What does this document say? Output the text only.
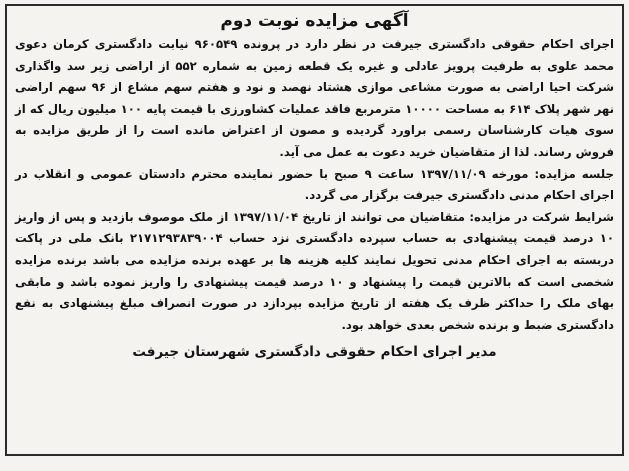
آگهی مزایده نوبت دوم

اجرای احکام حقوقی دادگستری جیرفت در نظر دارد در پرونده ۹۶۰۵۴۹ نیابت دادگستری کرمان دعوی محمد علوی به طرفیت پرویز عادلی و غیره یک قطعه زمین به شماره ۵۵۲ از اراضی زیر سد واگذاری شرکت احیا اراضی به صورت مشاعی موازی هشتاد نهصد و نود و هفتم سهم مشاع از ۹۶ سهم اراضی نهر شهر پلاک ۶۱۴ به مساحت ۱۰۰۰۰ مترمربع فاقد عملیات کشاورزی با قیمت پایه ۱۰۰ میلیون ریال که از سوی هیات کارشناسان رسمی براورد گردیده و مصون از اعتراض مانده است را از طریق مزایده به فروش رساند. لذا از متقاضیان خرید دعوت به عمل می آید.

جلسه مزایده: مورخه ۱۳۹۷/۱۱/۰۹ ساعت ۹ صبح با حضور نماینده محترم دادستان عمومی و انقلاب در اجرای احکام مدنی دادگستری جیرفت برگزار می گردد.

شرایط شرکت در مزایده: متقاضیان می توانند از تاریخ ۱۳۹۷/۱۱/۰۴ از ملک موصوف بازدید و پس از واریز ۱۰ درصد قیمت پیشنهادی به حساب سپرده دادگستری نزد حساب ۲۱۷۱۲۹۳۸۳۹۰۰۴ بانک ملی در پاکت دربسته به اجرای احکام مدنی تحویل نمایند کلیه هزینه ها بر عهده برنده مزایده می باشد برنده مزایده شخصی است که بالاترین قیمت را پیشنهاد و ۱۰ درصد قیمت پیشنهادی را واریز نموده باشد و مابقی بهای ملک را حداکثر ظرف یک هفته از تاریخ مزایده بپردازد در صورت انصراف مبلغ پیشنهادی به نفع دادگستری ضبط و برنده شخص بعدی خواهد بود.

مدیر اجرای احکام حقوقی دادگستری شهرستان جیرفت
